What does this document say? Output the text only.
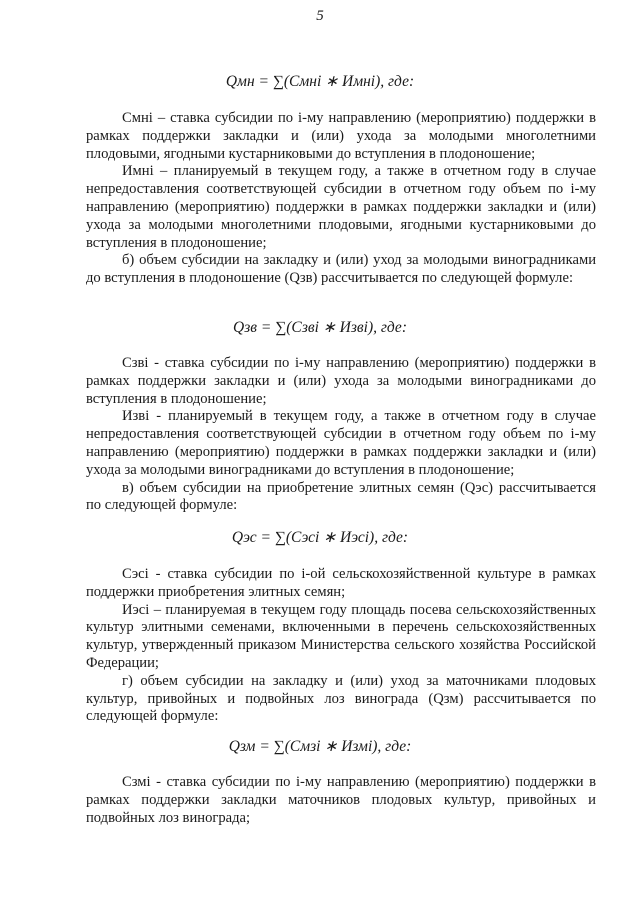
5
Qмн = ∑(Смнi ∗ Имнi), где:

Смнi – ставка субсидии по i-му направлению (мероприятию) поддержки в рамках поддержки закладки и (или) ухода за молодыми многолетними плодовыми, ягодными кустарниковыми до вступления в плодоношение;

Имнi – планируемый в текущем году, а также в отчетном году в случае непредоставления соответствующей субсидии в отчетном году объем по i-му направлению (мероприятию) поддержки в рамках поддержки закладки и (или) ухода за молодыми многолетними плодовыми, ягодными кустарниковыми до вступления в плодоношение;

б) объем субсидии на закладку и (или) уход за молодыми виноградниками до вступления в плодоношение (Qзв) рассчитывается по следующей формуле:

Qзв = ∑(Сзвi ∗ Извi), где:

Сзвi - ставка субсидии по i-му направлению (мероприятию) поддержки в рамках поддержки закладки и (или) ухода за молодыми виноградниками до вступления в плодоношение;

Извi - планируемый в текущем году, а также в отчетном году в случае непредоставления соответствующей субсидии в отчетном году объем по i-му направлению (мероприятию) поддержки в рамках поддержки закладки и (или) ухода за молодыми виноградниками до вступления в плодоношение;

в) объем субсидии на приобретение элитных семян (Qэс) рассчитывается по следующей формуле:

Qэс = ∑(Сэсi ∗ Иэсi), где:

Сэсi - ставка субсидии по i-ой сельскохозяйственной культуре в рамках поддержки приобретения элитных семян;

Иэсi – планируемая в текущем году площадь посева сельскохозяйственных культур элитными семенами, включенными в перечень сельскохозяйственных культур, утвержденный приказом Министерства сельского хозяйства Российской Федерации;

г) объем субсидии на закладку и (или) уход за маточниками плодовых культур, привойных и подвойных лоз винограда (Qзм) рассчитывается по следующей формуле:

Qзм = ∑(Смзi ∗ Измi), где:

Сзмi - ставка субсидии по i-му направлению (мероприятию) поддержки в рамках поддержки закладки маточников плодовых культур, привойных и подвойных лоз винограда;
